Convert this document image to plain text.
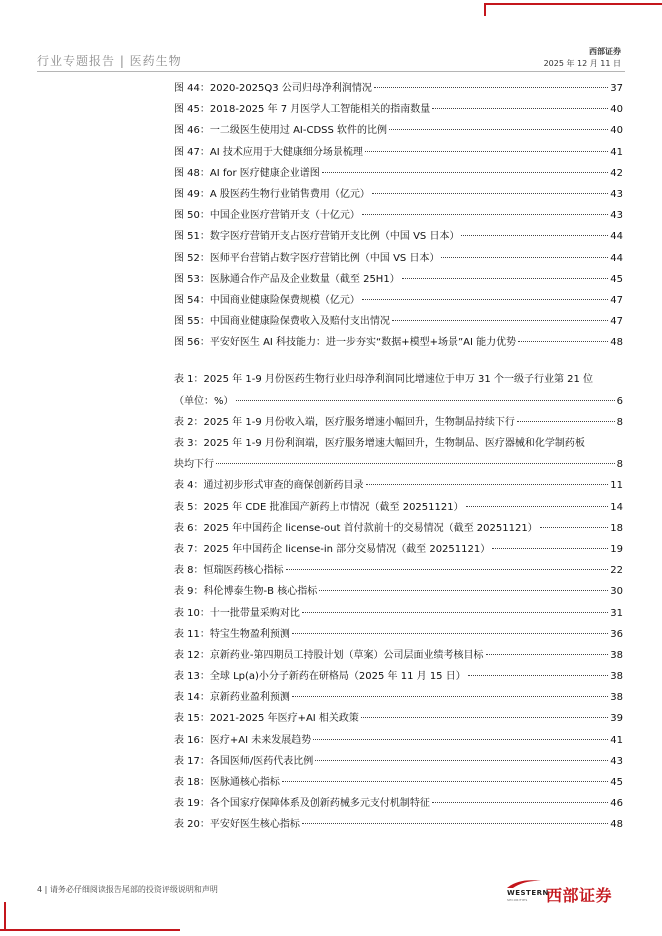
行业专题报告 | 医药生物
西部证券
2025 年 12 月 11 日
图 44：2020-2025Q3 公司归母净利润情况	37
图 45：2018-2025 年 7 月医学人工智能相关的指南数量	40
图 46：一二级医生使用过 AI-CDSS 软件的比例	40
图 47：AI 技术应用于大健康细分场景梳理	41
图 48：AI for 医疗健康企业谱图	42
图 49：A 股医药生物行业销售费用（亿元）	43
图 50：中国企业医疗营销开支（十亿元）	43
图 51：数字医疗营销开支占医疗营销开支比例（中国 VS 日本）	44
图 52：医师平台营销占数字医疗营销比例（中国 VS 日本）	44
图 53：医脉通合作产品及企业数量（截至 25H1）	45
图 54：中国商业健康险保费规模（亿元）	47
图 55：中国商业健康险保费收入及赔付支出情况	47
图 56：平安好医生 AI 科技能力：进一步夯实“数据+模型+场景”AI 能力优势	48
表 1：2025 年 1-9 月份医药生物行业归母净利润同比增速位于申万 31 个一级子行业第 21 位
（单位：%）	6
表 2：2025 年 1-9 月份收入端，医疗服务增速小幅回升，生物制品持续下行	8
表 3：2025 年 1-9 月份利润端，医疗服务增速大幅回升，生物制品、医疗器械和化学制药板
块均下行	8
表 4：通过初步形式审查的商保创新药目录	11
表 5：2025 年 CDE 批准国产新药上市情况（截至 20251121）	14
表 6：2025 年中国药企 license-out 首付款前十的交易情况（截至 20251121）	18
表 7：2025 年中国药企 license-in 部分交易情况（截至 20251121）	19
表 8：恒瑞医药核心指标	22
表 9：科伦博泰生物-B 核心指标	30
表 10：十一批带量采购对比	31
表 11：特宝生物盈利预测	36
表 12：京新药业-第四期员工持股计划（草案）公司层面业绩考核目标	38
表 13：全球 Lp(a)小分子新药在研格局（2025 年 11 月 15 日）	38
表 14：京新药业盈利预测	38
表 15：2021-2025 年医疗+AI 相关政策	39
表 16：医疗+AI 未来发展趋势	41
表 17：各国医师/医药代表比例	43
表 18：医脉通核心指标	45
表 19：各个国家疗保障体系及创新药械多元支付机制特征	46
表 20：平安好医生核心指标	48
4 | 请务必仔细阅读报告尾部的投资评级说明和声明	WESTERN
SECURITIES 西部证券
